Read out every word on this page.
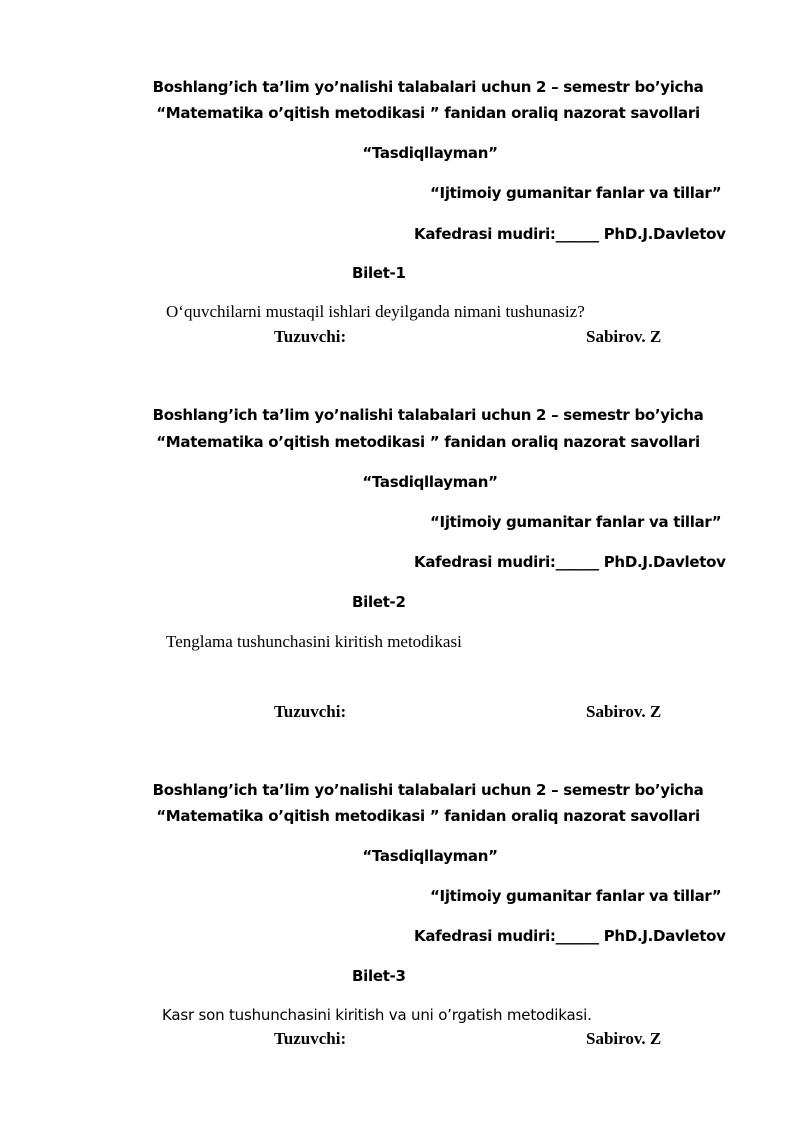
Boshlang’ich ta’lim yo’nalishi talabalari uchun 2 – semestr bo’yicha
“Matematika o’qitish metodikasi ” fanidan oraliq nazorat savollari
“Tasdiqllayman”
“Ijtimoiy gumanitar fanlar va tillar”
Kafedrasi mudiri:______ PhD.J.Davletov
Bilet-1
O‘quvchilarni mustaqil ishlari deyilganda nimani tushunasiz?
Tuzuvchi:	Sabirov. Z
Boshlang’ich ta’lim yo’nalishi talabalari uchun 2 – semestr bo’yicha
“Matematika o’qitish metodikasi ” fanidan oraliq nazorat savollari
“Tasdiqllayman”
“Ijtimoiy gumanitar fanlar va tillar”
Kafedrasi mudiri:______ PhD.J.Davletov
Bilet-2
Tenglama tushunchasini kiritish metodikasi
Tuzuvchi:	Sabirov. Z
Boshlang’ich ta’lim yo’nalishi talabalari uchun 2 – semestr bo’yicha
“Matematika o’qitish metodikasi ” fanidan oraliq nazorat savollari
“Tasdiqllayman”
“Ijtimoiy gumanitar fanlar va tillar”
Kafedrasi mudiri:______ PhD.J.Davletov
Bilet-3
Kasr son tushunchasini kiritish va uni o’rgatish metodikasi.
Tuzuvchi:	Sabirov. Z
